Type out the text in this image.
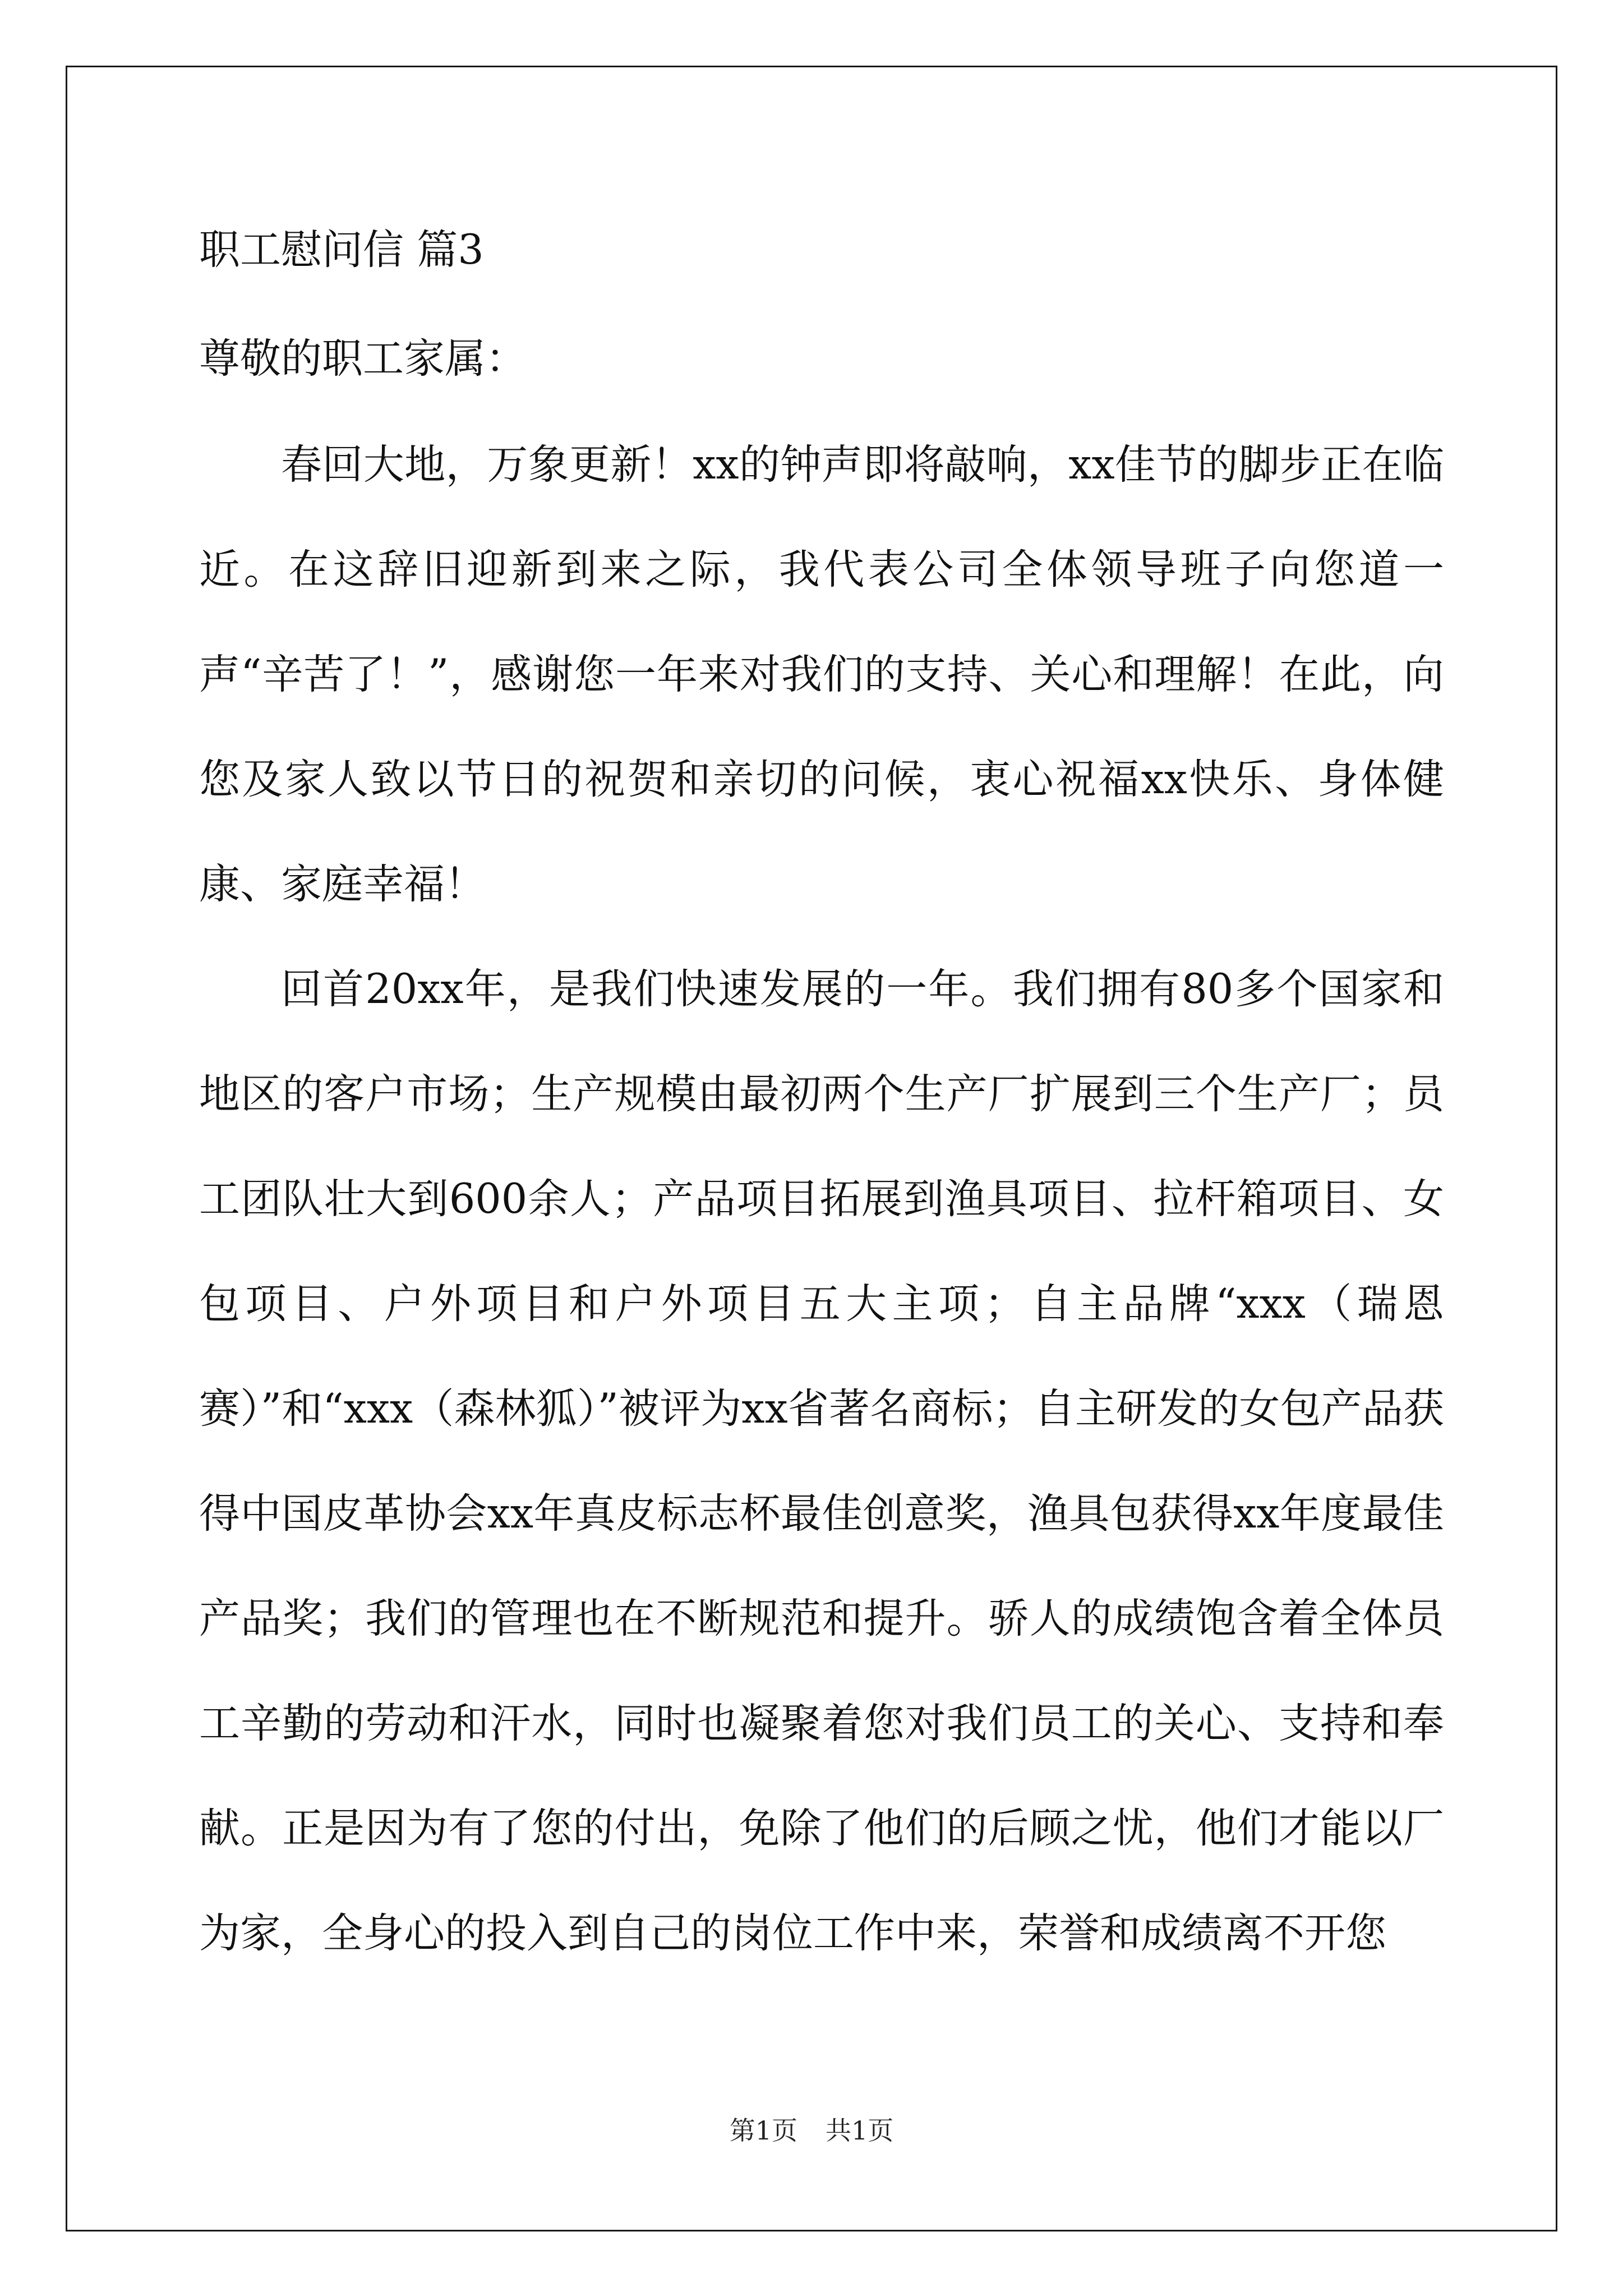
职工慰问信 篇3

尊敬的职工家属：

春回大地，万象更新！xx的钟声即将敲响，xx佳节的脚步正在临近。在这辞旧迎新到来之际，我代表公司全体领导班子向您道一声“辛苦了！”，感谢您一年来对我们的支持、关心和理解！在此，向您及家人致以节日的祝贺和亲切的问候，衷心祝福xx快乐、身体健康、家庭幸福！

回首20xx年，是我们快速发展的一年。我们拥有80多个国家和地区的客户市场；生产规模由最初两个生产厂扩展到三个生产厂；员工团队壮大到600余人；产品项目拓展到渔具项目、拉杆箱项目、女包项目、户外项目和户外项目五大主项；自主品牌“xxx（瑞恩赛）”和“xxx（森林狐）”被评为xx省著名商标；自主研发的女包产品获得中国皮革协会xx年真皮标志杯最佳创意奖，渔具包获得xx年度最佳产品奖；我们的管理也在不断规范和提升。骄人的成绩饱含着全体员工辛勤的劳动和汗水，同时也凝聚着您对我们员工的关心、支持和奉献。正是因为有了您的付出，免除了他们的后顾之忧，他们才能以厂为家，全身心的投入到自己的岗位工作中来，荣誉和成绩离不开您

第1页 共1页
